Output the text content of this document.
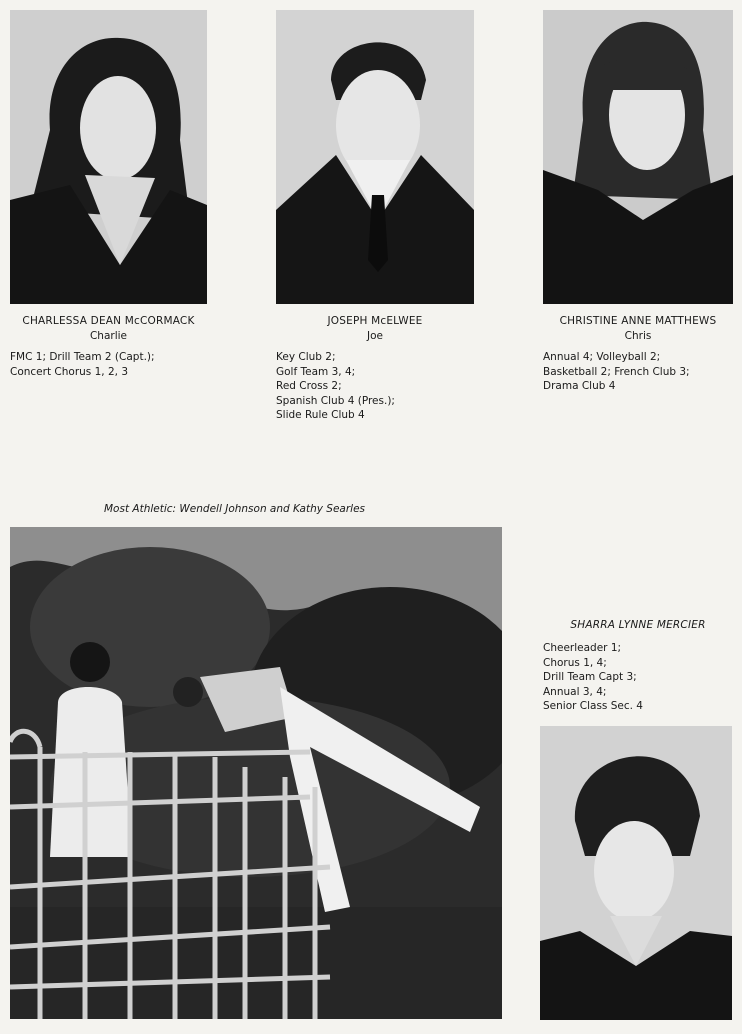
CHARLESSA DEAN McCORMACK
Charlie
FMC 1; Drill Team 2 (Capt.);
Concert Chorus 1, 2, 3
JOSEPH McELWEE
Joe
Key Club 2;
Golf Team 3, 4;
Red Cross 2;
Spanish Club 4 (Pres.);
Slide Rule Club 4
CHRISTINE ANNE MATTHEWS
Chris
Annual 4; Volleyball 2;
Basketball 2; French Club 3;
Drama Club 4
Most Athletic: Wendell Johnson and Kathy Searles
SHARRA LYNNE MERCIER
Cheerleader 1;
Chorus 1, 4;
Drill Team Capt 3;
Annual 3, 4;
Senior Class Sec. 4
